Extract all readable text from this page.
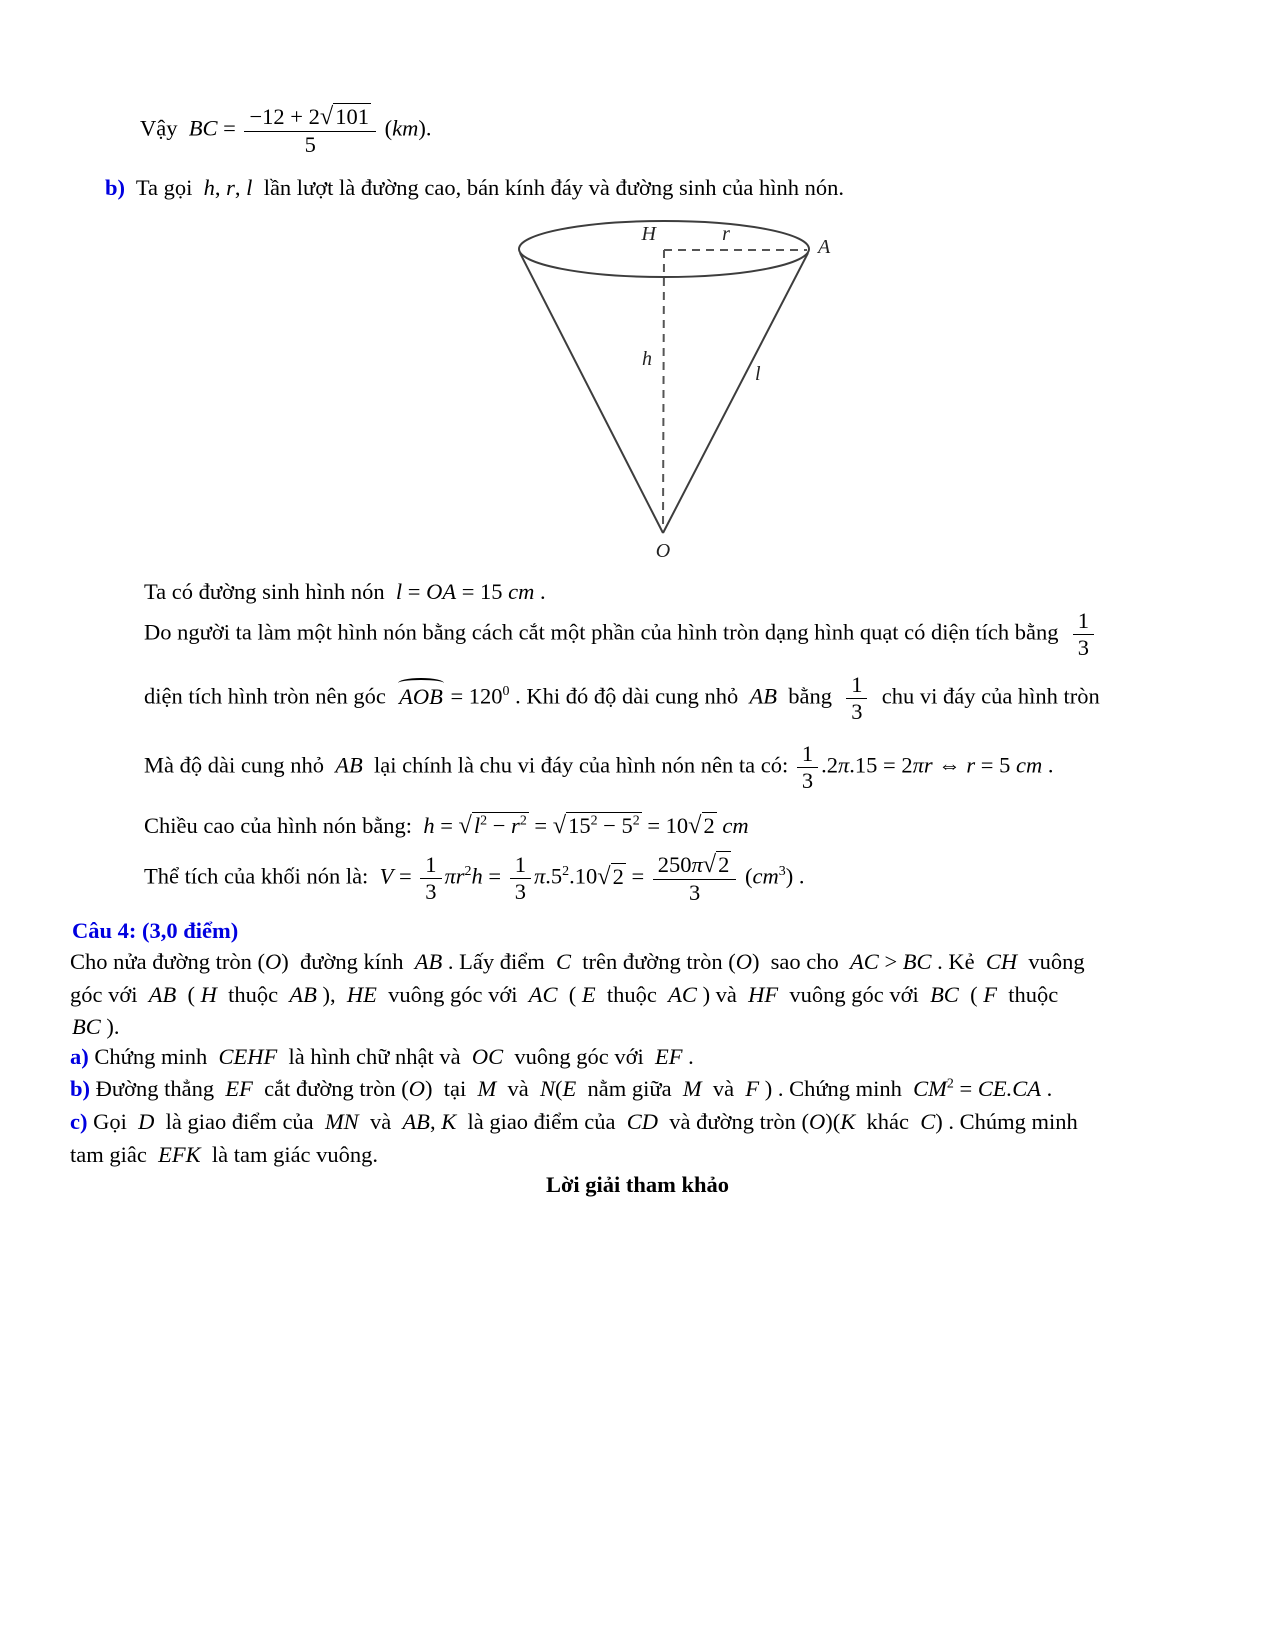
Vậy  BC = $\frac{-12 + 2√101}{5} (km)$.
b)  Ta gọi  h, r, l  lần lượt là đường cao, bán kính đáy và đường sinh của hình nón.
H	r
A
h
l
O
Ta có đường sinh hình nón  l = OA = 15 cm .
Do người ta làm một hình nón bằng cách cắt một phần của hình tròn dạng hình quạt có diện tích bằng $\frac{1}{3}$
diện tích hình tròn nên góc  AOB = $120^0$ . Khi đó độ dài cung nhỏ  AB  bằng $\frac{1}{3}$ chu vi đáy của hình tròn
Mà độ dài cung nhỏ  AB  lại chính là chu vi đáy của hình nón nên ta có: $\frac{1}{3} .2\pi.15 = 2\pi r$ ⇔ r = 5 cm .
Chiều cao của hình nón bằng:  $h = √l^2 - r^2 = √15^2 - 5^2 = 10√2$ cm
Thể tích của khối nón là:  $V = \frac{1}{3} \pi r^2h = \frac{1}{3} \pi.5^2.10√2 = \frac{250\pi√2}{3} (cm^3)$ .
Câu 4: (3,0 điểm)
Cho nửa đường tròn (O)  đường kính  AB . Lấy điểm  C  trên đường tròn (O)  sao cho  AC > BC . Kẻ  CH  vuông
góc với  AB  ( H  thuộc  AB ),  HE  vuông góc với  AC  ( E  thuộc  AC ) và  HF  vuông góc với  BC  ( F  thuộc
BC ).
a) Chứng minh  CEHF  là hình chữ nhật và  OC  vuông góc với  EF .
b) Đường thẳng  EF  cắt đường tròn (O)  tại  M  và  N(E  nằm giữa  M  và  F ) . Chứng minh  $CM^2 = CE.CA$ .
c) Gọi  D  là giao điểm của  MN  và  AB, K  là giao điểm của  CD  và đường tròn (O)(K  khác  C) . Chúmg minh
tam giâc  EFK  là tam giác vuông.
Lời giải tham khảo
